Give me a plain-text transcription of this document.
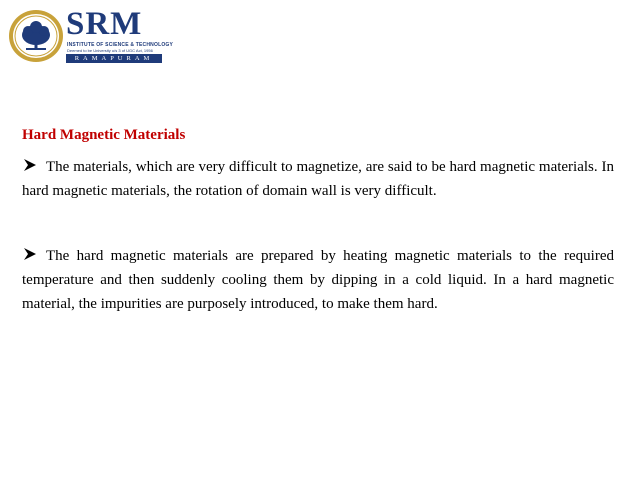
SRM
INSTITUTE OF SCIENCE & TECHNOLOGY
Deemed to be University u/s 3 of UGC Act, 1956
RAMAPURAM
Hard Magnetic Materials
The materials, which are very difficult to magnetize, are said to be hard magnetic materials. In hard magnetic materials, the rotation of domain wall is very difficult.
The hard magnetic materials are prepared by heating magnetic materials to the required temperature and then suddenly cooling them by dipping in a cold liquid. In a hard magnetic material, the impurities are purposely introduced, to make them hard.
